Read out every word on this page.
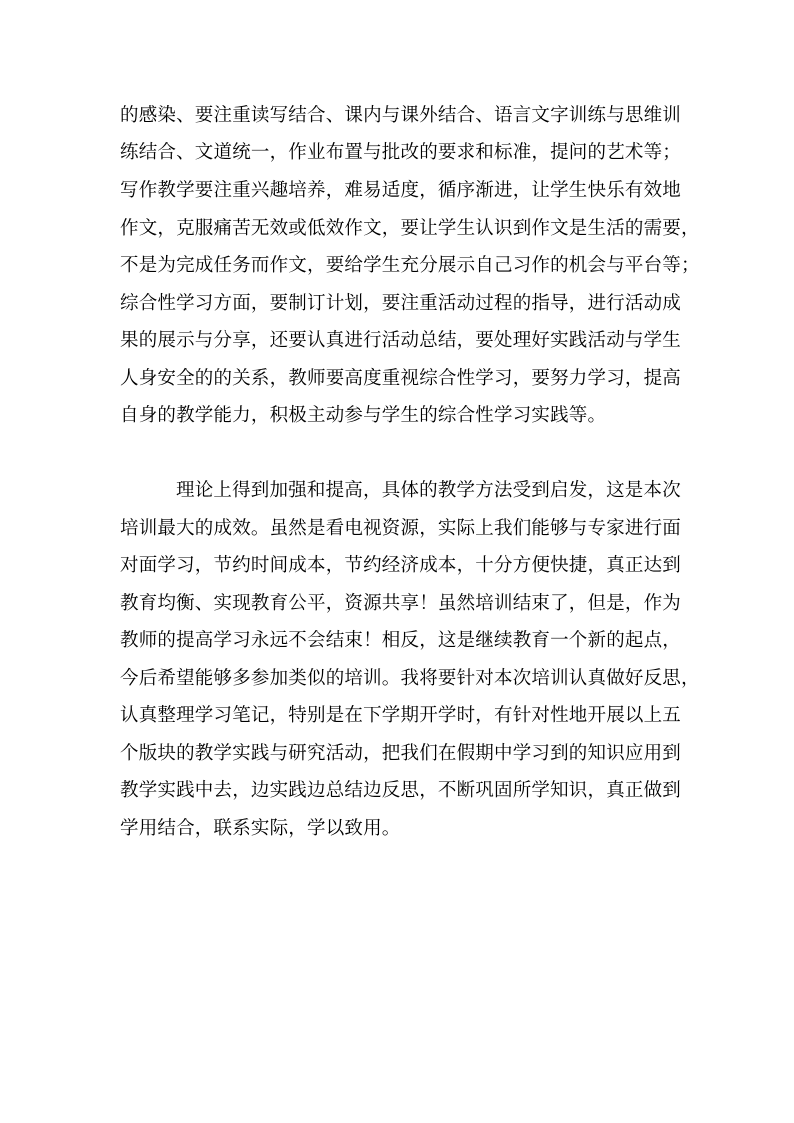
的感染、要注重读写结合、课内与课外结合、语言文字训练与思维训
练结合、文道统一，作业布置与批改的要求和标准，提问的艺术等；
写作教学要注重兴趣培养，难易适度，循序渐进，让学生快乐有效地
作文，克服痛苦无效或低效作文，要让学生认识到作文是生活的需要，
不是为完成任务而作文，要给学生充分展示自己习作的机会与平台等；
综合性学习方面，要制订计划，要注重活动过程的指导，进行活动成
果的展示与分享，还要认真进行活动总结，要处理好实践活动与学生
人身安全的的关系，教师要高度重视综合性学习，要努力学习，提高
自身的教学能力，积极主动参与学生的综合性学习实践等。
理论上得到加强和提高，具体的教学方法受到启发，这是本次
培训最大的成效。虽然是看电视资源，实际上我们能够与专家进行面
对面学习，节约时间成本，节约经济成本，十分方便快捷，真正达到
教育均衡、实现教育公平，资源共享！虽然培训结束了，但是，作为
教师的提高学习永远不会结束！相反，这是继续教育一个新的起点，
今后希望能够多参加类似的培训。我将要针对本次培训认真做好反思，
认真整理学习笔记，特别是在下学期开学时，有针对性地开展以上五
个版块的教学实践与研究活动，把我们在假期中学习到的知识应用到
教学实践中去，边实践边总结边反思，不断巩固所学知识，真正做到
学用结合，联系实际，学以致用。
